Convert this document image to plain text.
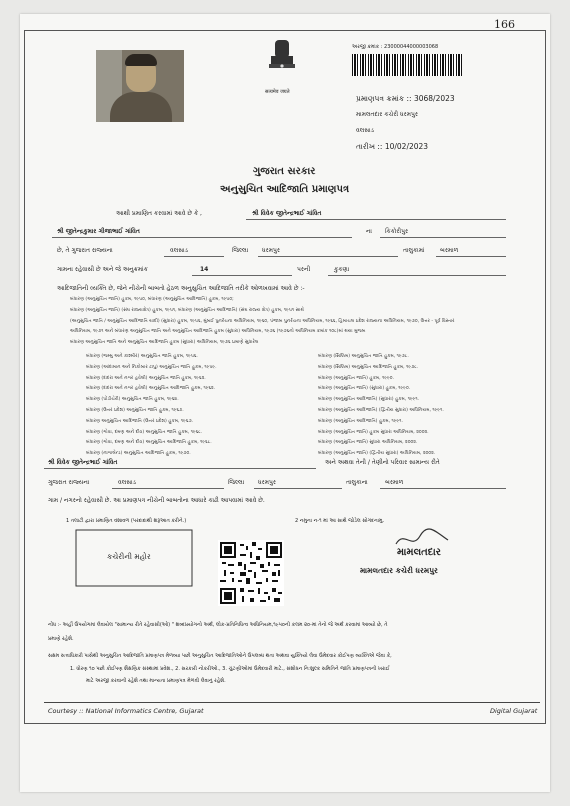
166
सत्यमेव जयते
અરજી ક્રમાંક : 23000044000003068
પ્રમાણપત્ર ક્રમાંક :: 3068/2023
મામલતદાર કચેરી ધરમપુર
વલસાડ
તારીખ :: 10/02/2023
ગુજરાત સરકાર
અનુસુચિત આદિજાતિ પ્રમાણપત્ર
આથી પ્રમાણિત કરવામાં આવે છે કે ,	શ્રી વિવેક જીતેન્દ્રભાઈ ગાંવિત
શ્રી જીતેન્દ્રકુમાર ગીજાભાઈ ગાંવિત	ના કિકોરીપુર
છે, તે ગુજરાત રાજ્યના	વલસાડ	જિલ્લા ધરમપુર	તાલુકામાં	બરમાળ
ગામના રહેવાસી છે અને જે અનુક્રમાંક	14	પરની	કુકણા
આદિજાતિની વ્યક્તિ છે, જેને નીચેની બાબતો હેઠળ અનુસુચિત આદિજાતિ તરીકે ઓળખવામાં આવે છે :-
બંધારણ (અનુસુચિત જાતિ) હુકમ, ૧૯૫૦, બંધારણ (અનુસુચિત આદિજાતિ) હુકમ, ૧૯૫૦;
બંધારણ (અનુસુચિત જાતિ) (સંઘ રાજ્યક્ષેત્ર) હુકમ, ૧૯૫૧, બંધારણ (અનુસુચિત આદિજાતિ) (સંઘ રાજ્ય ક્ષેત્ર) હુકમ, ૧૯૫૧ સાથે
(અનુસુચિત જાતિ / અનુસુચિત આદિજાતિ યાદી) (સુધારા) હુકમ, ૧૯૫૬, મુંબઈ પુનર્રચના અધિનિયમ, ૧૯૬૦, પંજાબ પુનર્રચના અધિનિયમ, ૧૯૬૬, હિમાચલ પ્રદેશ રાજ્યના અધિનિયમ, ૧૯૭૦, ઉત્તર - પૂર્વ વિસ્તાર
અધિનિયમ, ૧૯૭૧ અને બંધારણ અનુસુચિત જાતિ અને અનુસુચિત આદિજાતિ હુકમ (સુધારા) અધિનિયમ, ૧૯૭૬ (૧૯૭૬નો અધિનિયમ ક્રમાંક ૧૦૮)માં થયા મુજબ
બંધારણ અનુસુચિત જાતિ અને અનુસુચિત આદિજાતિ હુકમ (સુધારા) અધિનિયમ, ૧૯૭૬ પ્રમાણે સુધારેલ
બંધારણ (જમ્મુ અને કાશ્મીર) અનુસુચિત જાતિ હુકમ, ૧૯૫૬.
બંધારણ (આંદામાન અને નિકોબાર ટાપુ) અનુસુચિત જાતિ હુકમ, ૧૯૫૯.
બંધારણ (દાદરા અને નગર હવેલી) અનુસુચિત જાતિ હુકમ, ૧૯૬૨.
બંધારણ (દાદરા અને નગર હવેલી) અનુસુચિત આદિજાતિ હુકમ, ૧૯૬૨.
બંધારણ (પોંડીચેરી) અનુસુચિત જાતિ હુકમ, ૧૯૬૪.
બંધારણ (ઉત્તર પ્રદેશ) અનુસુચિત જાતિ હુકમ, ૧૯૬૭.
બંધારણ અનુસુચિત આદિજાતિ (ઉત્તર પ્રદેશ) હુકમ, ૧૯૬૭.
બંધારણ (ગોવા, દમણ અને દીવ) અનુસુચિત જાતિ હુકમ, ૧૯૬૮.
બંધારણ (ગોવા, દમણ અને દીવ) અનુસુચિત આદિજાતિ હુકમ, ૧૯૬૮.
બંધારણ (નાગાલેન્ડ) અનુસુચિત આદિજાતિ હુકમ, ૧૯૭૦.
બંધારણ (સિક્કિમ) અનુસુચિત જાતિ હુકમ, ૧૯૭૮.
બંધારણ (સિક્કિમ) અનુસુચિત આદિજાતિ હુકમ, ૧૯૭૮.
બંધારણ (અનુસુચિત જાતિ) હુકમ, ૧૯૯૦.
બંધારણ (અનુસુચિત જાતિ) (સુધારા) હુકમ, ૧૯૯૦.
બંધારણ (અનુસુચિત આદિજાતિ) (સુધારા) હુકમ, ૧૯૯૧.
બંધારણ (અનુસુચિત આદિજાતિ) (દ્વિતીય સુધારા) અધિનિયમ, ૧૯૯૧.
બંધારણ (અનુસુચિત આદિજાતિ) હુકમ, ૧૯૯૧.
બંધારણ (અનુસુચિત જાતિ) હુકમ સુધારા અધિનિયમ, ૨૦૦૨.
બંધારણ (અનુસુચિત જાતિ) સુધારા અધિનિયમ, ૨૦૦૨.
બંધારણ (અનુસુચિત જાતિ) (દ્વિતીય સુધારા) અધિનિયમ, ૨૦૦૨.
શ્રી વિવેક જીતેન્દ્રભાઈ ગાંવિત	અને અથવા તેની / તેણીનો પરિવાર સામાન્ય રીતે
ગુજરાત રાજ્યના	વલસાડ	જિલ્લા ધરમપુર	તાલુકાના	બરમાળ
ગામ / નગરનો રહેવાસી છે. આ પ્રમાણપત્ર નીચેની બાબતોના આધારે કાઢી આપવામાં આવે છે.
1 તલાટી દ્વારા પ્રમાણિત વંશાવળ (પરદાદાથી શરૂઆત કરીને.)	2 નમુના ન-૧ માં આ સાથે જોડેલ સોગંદનામુ.
કચેરીની મહોર	મામલતદાર
મામલતદાર કચેરી ધરમપુર
નોંધ :- અહીં ઉપયોગમાં લેવાયેલ "સામાન્ય રીતે રહેવાસી(ઓ) " શબ્દપ્રયોગનો અર્થ, લોક-પ્રતિનિધિત્વ અધિનિયમ,૧૯૫૦ની કલમ ૨૦-માં તેનો જે અર્થ કરવામાં આવ્યો છે, તે
પ્રમાણે રહેશે.
સક્ષમ સત્તાધિકારી પાસેથી અનુસુચિત આદિજાતિ પ્રમાણપત્ર મેળવ્યા પછી અનુસુચિત આદિજાતિઓને ઉપલબ્ધ થતા અથવા યુક્તિયો લેવા ઉમેદવાર કોઈપણ વ્યક્તિએ જેવા કે,
1. ધોરણ ૧૦ પછી કોઈપણ શૈક્ષણિક સંસ્થામાં પ્રવેશ., 2. સરકારી નોકરીઓ., 3. ચુંટણીઓમાં ઉમેદવારી માટે., સંશોધન નિઃશુલ્ક સમિતિને જાતિ પ્રમાણપત્રની ખરાઈ
માટે અરજી કરવાની રહેશે તથા માન્યતા પ્રમાણપત્ર મેળવી લેવાનું રહેશે.
Courtesy :: National Informatics Centre, Gujarat	Digital Gujarat
